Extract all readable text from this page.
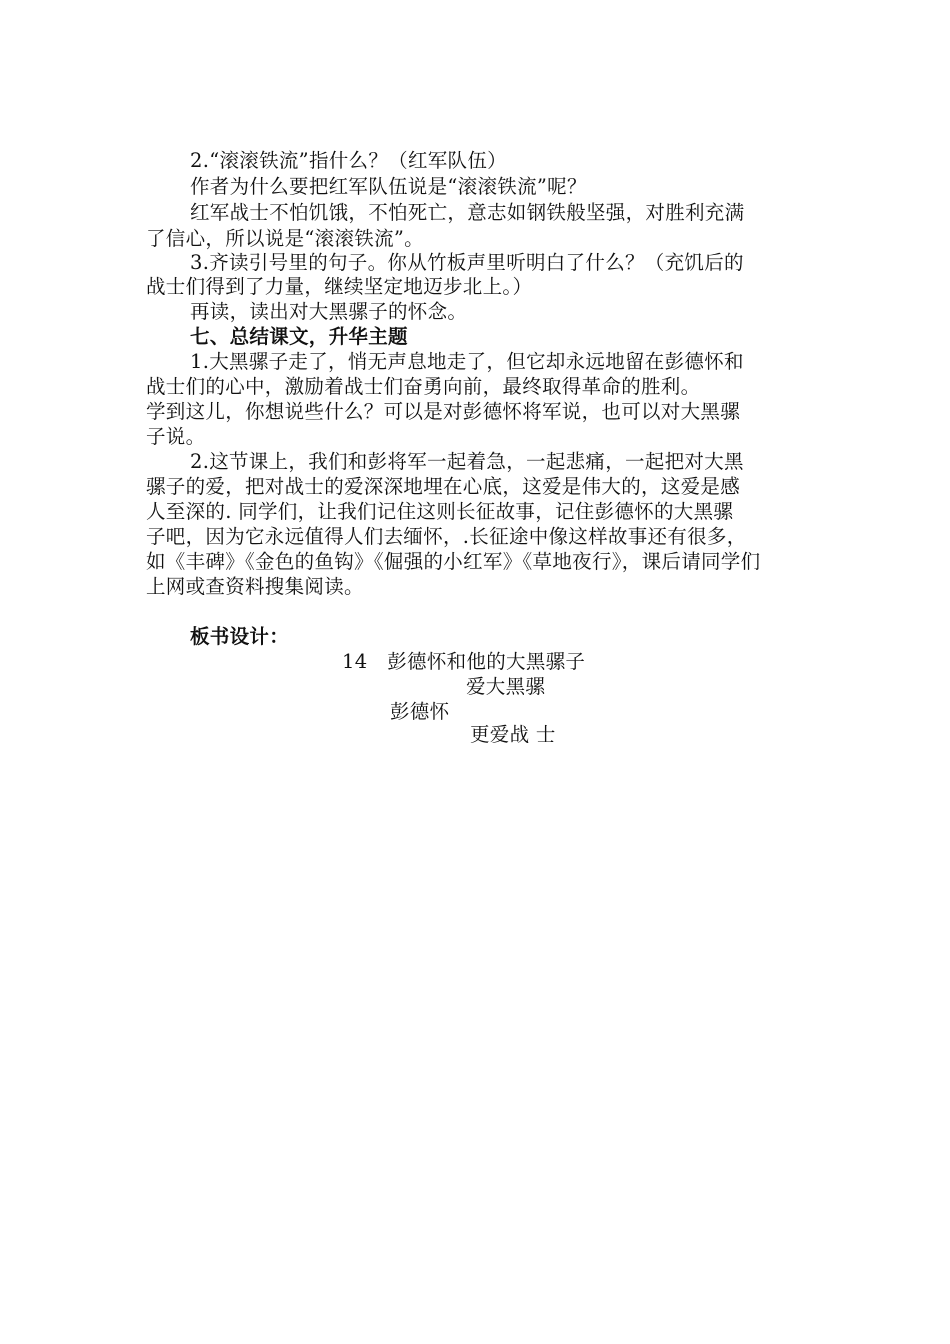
2.“滚滚铁流”指什么？（红军队伍）
作者为什么要把红军队伍说是“滚滚铁流”呢？
红军战士不怕饥饿，不怕死亡，意志如钢铁般坚强，对胜利充满
了信心，所以说是“滚滚铁流”。
3.齐读引号里的句子。你从竹板声里听明白了什么？（充饥后的
战士们得到了力量，继续坚定地迈步北上。）
再读，读出对大黑骡子的怀念。
七、总结课文，升华主题
1.大黑骡子走了，悄无声息地走了，但它却永远地留在彭德怀和
战士们的心中，激励着战士们奋勇向前，最终取得革命的胜利。
学到这儿，你想说些什么？可以是对彭德怀将军说，也可以对大黑骡
子说。
2.这节课上，我们和彭将军一起着急，一起悲痛，一起把对大黑
骡子的爱，把对战士的爱深深地埋在心底，这爱是伟大的，这爱是感
人至深的. 同学们，让我们记住这则长征故事，记住彭德怀的大黑骡
子吧，因为它永远值得人们去缅怀，.长征途中像这样故事还有很多，
如《丰碑》《金色的鱼钩》《倔强的小红军》《草地夜行》，课后请同学们
上网或查资料搜集阅读。
板书设计：
14　彭德怀和他的大黑骡子
爱大黑骡
彭德怀
更爱战 士
